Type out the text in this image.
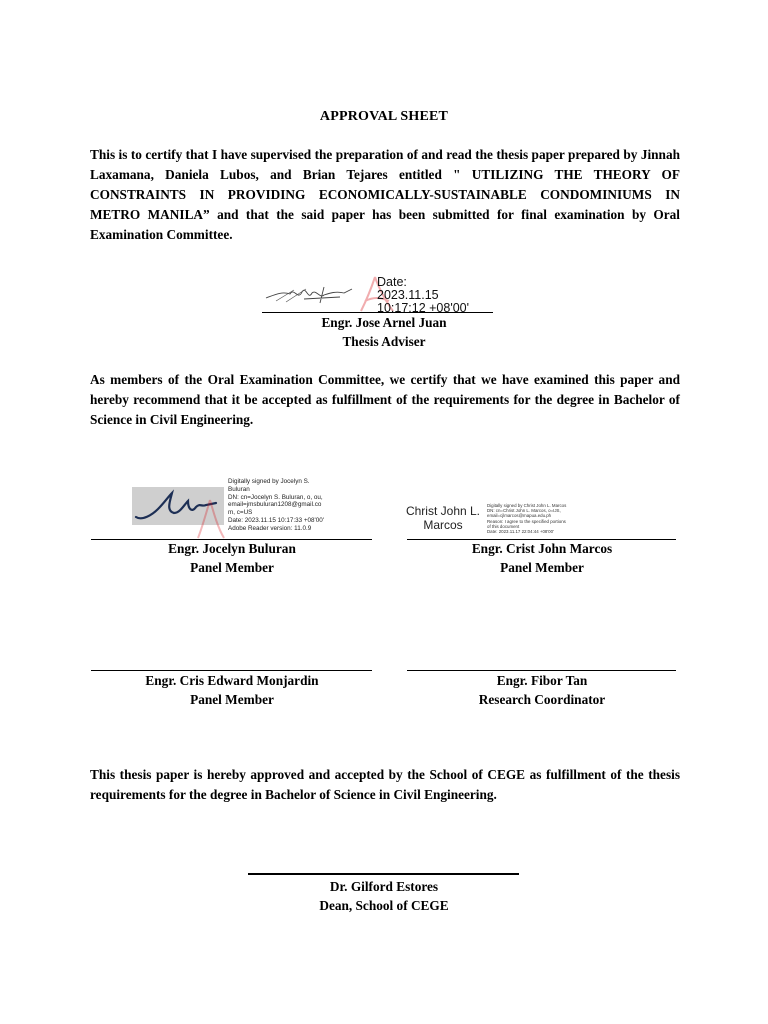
APPROVAL SHEET
This is to certify that I have supervised the preparation of and read the thesis paper prepared by Jinnah Laxamana, Daniela Lubos, and Brian Tejares entitled " UTILIZING THE THEORY OF CONSTRAINTS IN PROVIDING ECONOMICALLY-SUSTAINABLE CONDOMINIUMS IN METRO MANILA” and that the said paper has been submitted for final examination by Oral Examination Committee.
Date:
2023.11.15
10:17:12 +08'00'
Engr. Jose Arnel Juan
Thesis Adviser
As members of the Oral Examination Committee, we certify that we have examined this paper and hereby recommend that it be accepted as fulfillment of the requirements for the degree in Bachelor of Science in Civil Engineering.
Digitally signed by Jocelyn S.
Buluran
DN: cn=Jocelyn S. Buluran, o, ou,
email=jmsbuluran1208@gmail.co
m, c=US
Date: 2023.11.15 10:17:33 +08'00'
Adobe Reader version: 11.0.9
Engr. Jocelyn Buluran
Panel Member
Christ John L.
Marcos
Digitally signed by Christ John L. Marcos
DN: cn=Christ John L. Marcos, o=IJS,
email=cjlmarcos@mapua.edu.ph
Reason: I agree to the specified portions
of this document
Date: 2023.11.17 22:04:44 +08'00'
Engr. Crist John Marcos
Panel Member
Engr. Cris Edward Monjardin
Panel Member
Engr. Fibor Tan
Research Coordinator
This thesis paper is hereby approved and accepted by the School of CEGE as fulfillment of the thesis requirements for the degree in Bachelor of Science in Civil Engineering.
Dr. Gilford Estores
Dean, School of CEGE
